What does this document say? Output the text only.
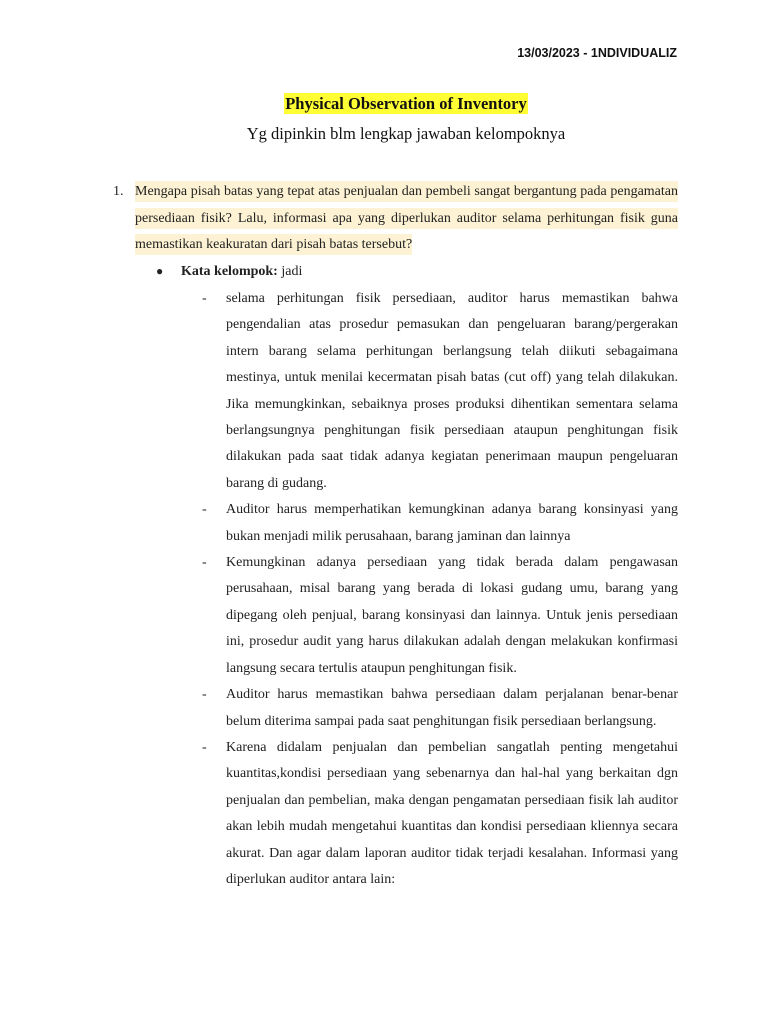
13/03/2023 - 1NDIVIDUALIZ
Physical Observation of Inventory
Yg dipinkin blm lengkap jawaban kelompoknya
1. Mengapa pisah batas yang tepat atas penjualan dan pembeli sangat bergantung pada pengamatan persediaan fisik? Lalu, informasi apa yang diperlukan auditor selama perhitungan fisik guna memastikan keakuratan dari pisah batas tersebut?
● Kata kelompok: jadi

- selama perhitungan fisik persediaan, auditor harus memastikan bahwa pengendalian atas prosedur pemasukan dan pengeluaran barang/pergerakan intern barang selama perhitungan berlangsung telah diikuti sebagaimana mestinya, untuk menilai kecermatan pisah batas (cut off) yang telah dilakukan. Jika memungkinkan, sebaiknya proses produksi dihentikan sementara selama berlangsungnya penghitungan fisik persediaan ataupun penghitungan fisik dilakukan pada saat tidak adanya kegiatan penerimaan maupun pengeluaran barang di gudang.

- Auditor harus memperhatikan kemungkinan adanya barang konsinyasi yang bukan menjadi milik perusahaan, barang jaminan dan lainnya

- Kemungkinan adanya persediaan yang tidak berada dalam pengawasan perusahaan, misal barang yang berada di lokasi gudang umu, barang yang dipegang oleh penjual, barang konsinyasi dan lainnya. Untuk jenis persediaan ini, prosedur audit yang harus dilakukan adalah dengan melakukan konfirmasi langsung secara tertulis ataupun penghitungan fisik.

- Auditor harus memastikan bahwa persediaan dalam perjalanan benar-benar belum diterima sampai pada saat penghitungan fisik persediaan berlangsung.

- Karena didalam penjualan dan pembelian sangatlah penting mengetahui kuantitas,kondisi persediaan yang sebenarnya dan hal-hal yang berkaitan dgn penjualan dan pembelian, maka dengan pengamatan persediaan fisik lah auditor akan lebih mudah mengetahui kuantitas dan kondisi persediaan kliennya secara akurat. Dan agar dalam laporan auditor tidak terjadi kesalahan. Informasi yang diperlukan auditor antara lain:
